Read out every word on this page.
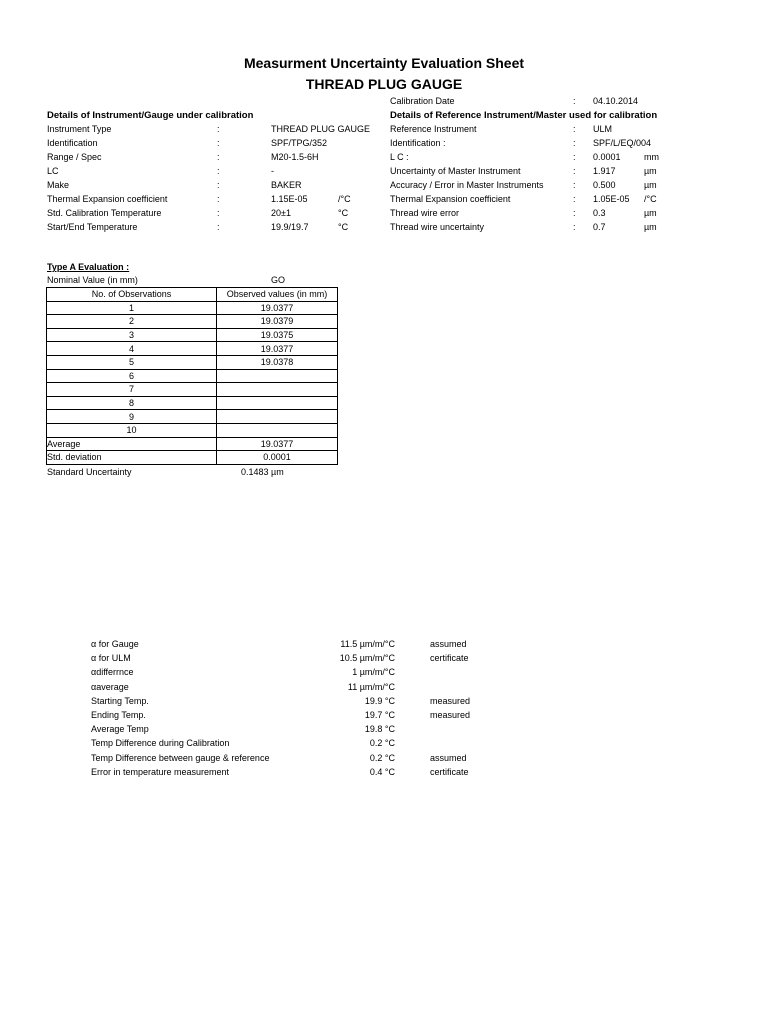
Measurment Uncertainty Evaluation Sheet
THREAD PLUG GAUGE
Calibration Date	: 04.10.2014
Details of Instrument/Gauge under calibration	Details of Reference Instrument/Master used for calibration
Instrument Type	:	THREAD PLUG GAUGE
Identification	:	SPF/TPG/352
Range / Spec	:	M20-1.5-6H
LC	:	-
Make	:	BAKER
Thermal Expansion coefficient	:	1.15E-05	/°C
Std. Calibration Temperature	:	20±1	°C
Start/End Temperature	:	19.9/19.7	°C
Reference Instrument	: ULM
Identification :	: SPF/L/EQ/004
L C :	: 0.0001	mm
Uncertainty of Master Instrument	: 1.917	µm
Accuracy / Error in Master Instruments	: 0.500	µm
Thermal Expansion coefficient	: 1.05E-05 /°C
Thread wire error	: 0.3	µm
Thread wire uncertainty	: 0.7	µm
Type A Evaluation :
Nominal Value (in mm)	GO
No. of Observations	Observed values (in mm)
1	19.0377
2	19.0379
3	19.0375
4	19.0377
5	19.0378
6	
7	
8	
9	
10	
Average	19.0377
Std. deviation	0.0001
Standard Uncertainty	0.1483 µm
α for Gauge	11.5 µm/m/°C	assumed
α for ULM	10.5 µm/m/°C	certificate
αdifferrnce	1 µm/m/°C
αaverage	11 µm/m/°C
Starting Temp.	19.9 °C	measured
Ending Temp.	19.7 °C	measured
Average Temp	19.8 °C
Temp Difference during Calibration	0.2 °C
Temp Difference between gauge & reference	0.2 °C	assumed
Error in temperature measurement	0.4 °C	certificate
